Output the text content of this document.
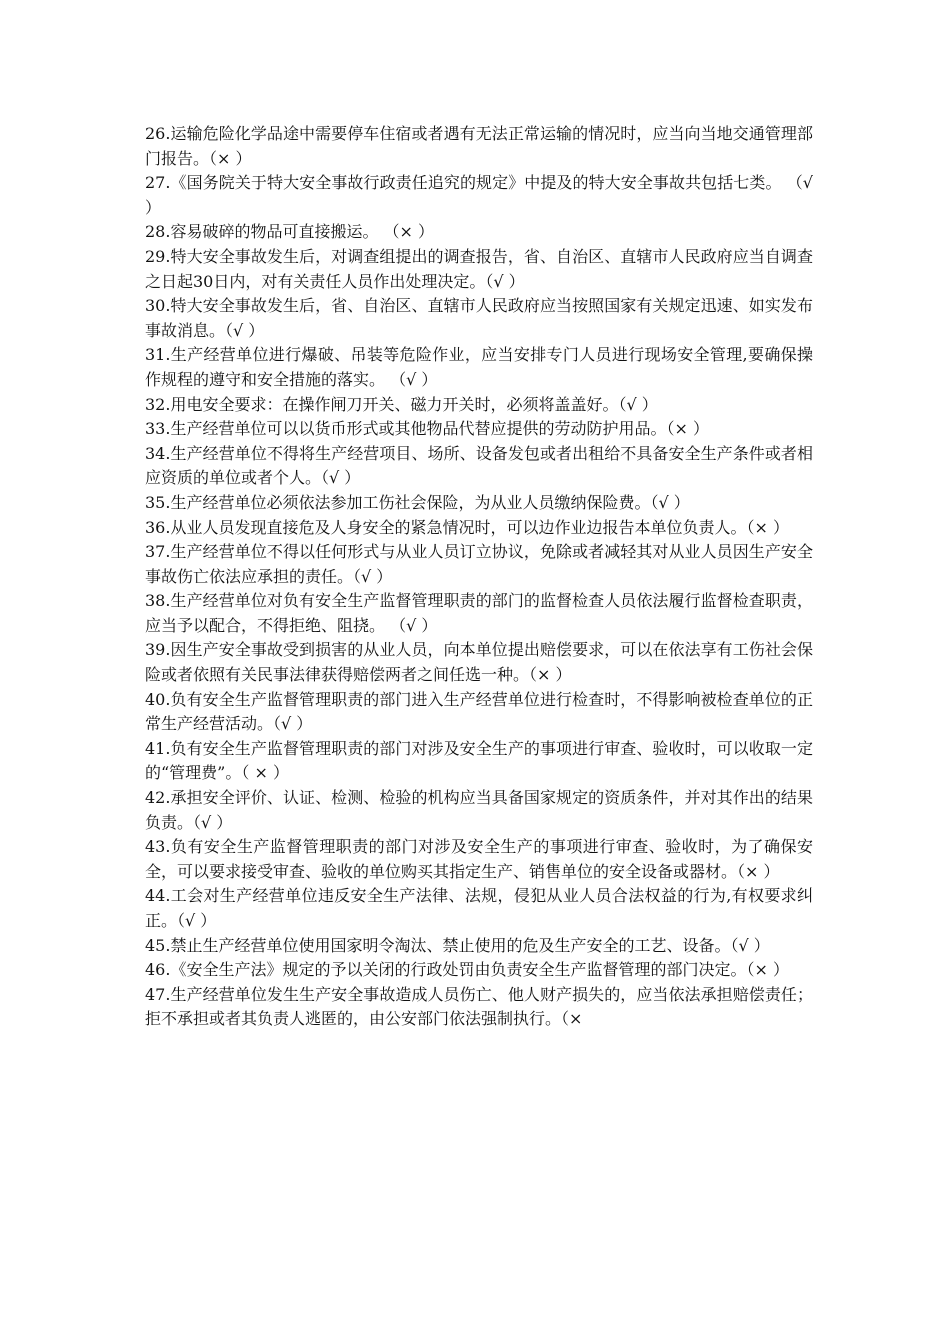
26.运输危险化学品途中需要停车住宿或者遇有无法正常运输的情况时，应当向当地交通管理部门报告。（× ）

27.《国务院关于特大安全事故行政责任追究的规定》中提及的特大安全事故共包括七类。 （√ ）

28.容易破碎的物品可直接搬运。 （× ）

29.特大安全事故发生后，对调查组提出的调查报告，省、自治区、直辖市人民政府应当自调查之日起30日内，对有关责任人员作出处理决定。（√ ）

30.特大安全事故发生后，省、自治区、直辖市人民政府应当按照国家有关规定迅速、如实发布事故消息。（√ ）

31.生产经营单位进行爆破、吊装等危险作业，应当安排专门人员进行现场安全管理,要确保操作规程的遵守和安全措施的落实。 （√ ）

32.用电安全要求：在操作闸刀开关、磁力开关时，必须将盖盖好。（√ ）

33.生产经营单位可以以货币形式或其他物品代替应提供的劳动防护用品。（× ）

34.生产经营单位不得将生产经营项目、场所、设备发包或者出租给不具备安全生产条件或者相应资质的单位或者个人。（√ ）

35.生产经营单位必须依法参加工伤社会保险，为从业人员缴纳保险费。（√ ）

36.从业人员发现直接危及人身安全的紧急情况时，可以边作业边报告本单位负责人。（× ）

37.生产经营单位不得以任何形式与从业人员订立协议，免除或者减轻其对从业人员因生产安全事故伤亡依法应承担的责任。（√ ）

38.生产经营单位对负有安全生产监督管理职责的部门的监督检查人员依法履行监督检查职责，应当予以配合，不得拒绝、阻挠。 （√ ）

39.因生产安全事故受到损害的从业人员，向本单位提出赔偿要求，可以在依法享有工伤社会保险或者依照有关民事法律获得赔偿两者之间任选一种。（× ）

40.负有安全生产监督管理职责的部门进入生产经营单位进行检查时，不得影响被检查单位的正常生产经营活动。（√ ）

41.负有安全生产监督管理职责的部门对涉及安全生产的事项进行审查、验收时，可以收取一定的“管理费”。（ × ）

42.承担安全评价、认证、检测、检验的机构应当具备国家规定的资质条件，并对其作出的结果负责。（√ ）

43.负有安全生产监督管理职责的部门对涉及安全生产的事项进行审查、验收时，为了确保安全，可以要求接受审查、验收的单位购买其指定生产、销售单位的安全设备或器材。（× ）

44.工会对生产经营单位违反安全生产法律、法规，侵犯从业人员合法权益的行为,有权要求纠正。（√ ）

45.禁止生产经营单位使用国家明令淘汰、禁止使用的危及生产安全的工艺、设备。（√ ）

46.《安全生产法》规定的予以关闭的行政处罚由负责安全生产监督管理的部门决定。（× ）

47.生产经营单位发生生产安全事故造成人员伤亡、他人财产损失的，应当依法承担赔偿责任；拒不承担或者其负责人逃匿的，由公安部门依法强制执行。（×
